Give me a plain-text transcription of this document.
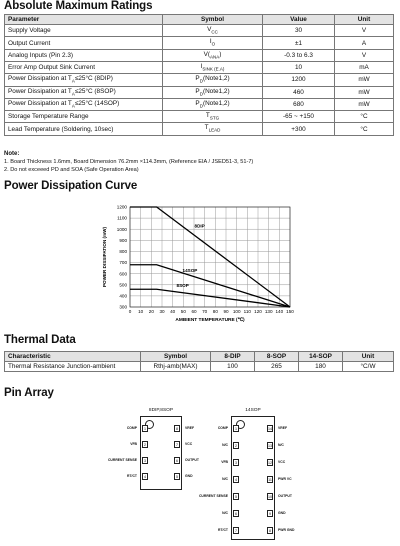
Absolute Maximum Ratings
Parameter	Symbol	Value	Unit
Supply Voltage	$V_{CC}$	30	V
Output Current	$I_O$	±1	A
Analog Inputs (Pin 2.3)	$V(_{ANA})$	-0.3 to 6.3	V
Error Amp Output Sink Current	$I_{SINK (E.A)}$	10	mA
Power Dissipation at $T_A\le 25^\circ C$ (8DIP)	$P_D(Note1,2)$	1200	mW
Power Dissipation at $T_A\le 25^\circ C$ (8SOP)	$P_D(Note1,2)$	460	mW
Power Dissipation at $T_A\le 25^\circ C$ (14SOP)	$P_D(Note1,2)$	680	mW
Storage Temperature Range	$T_{STG}$	-65 ~ +150	°C
Lead Temperature (Soldering, 10sec)	$T_{LEAD}$	+300	°C
Note:
1. Board Thickness 1.6mm, Board Dimension 76.2mm ×114.3mm, (Reference EIA / JSED51-3, 51-7)
2. Do not exceeed PD and SOA (Safe Operation Area)
Power Dissipation Curve
0 10 20 30 40 50 60 70 80 90 100 110 120 130 140 150
300
400
500
600
700
800
900
1000
1100
1200
8DIP
14SOP
8SOP
AMBIENT TEMPERATURE (℃)
POWER DISSIPATION (mW)
Thermal Data
Characteristic	Symbol	8-DIP	8-SOP	14-SOP	Unit
Thermal Resistance Junction-ambient	Rthj-amb(MAX)	100	265	180	°C/W
Pin Array
8DIP,8SOP
1
COMP	8	VREF
2
VFB	7	VCC
3
CURRENT SENSE	6	OUTPUT
4
RT/CT	5	GND
14SOP
1
COMP	14 VREF
2
N/C	13 N/C
3
VFB	12 VCC
4
N/C	11	PWR VC
5
CURRENT SENSE	10 OUTPUT
6
N/C	9	GND
7
RT/CT	8	PWR GND
